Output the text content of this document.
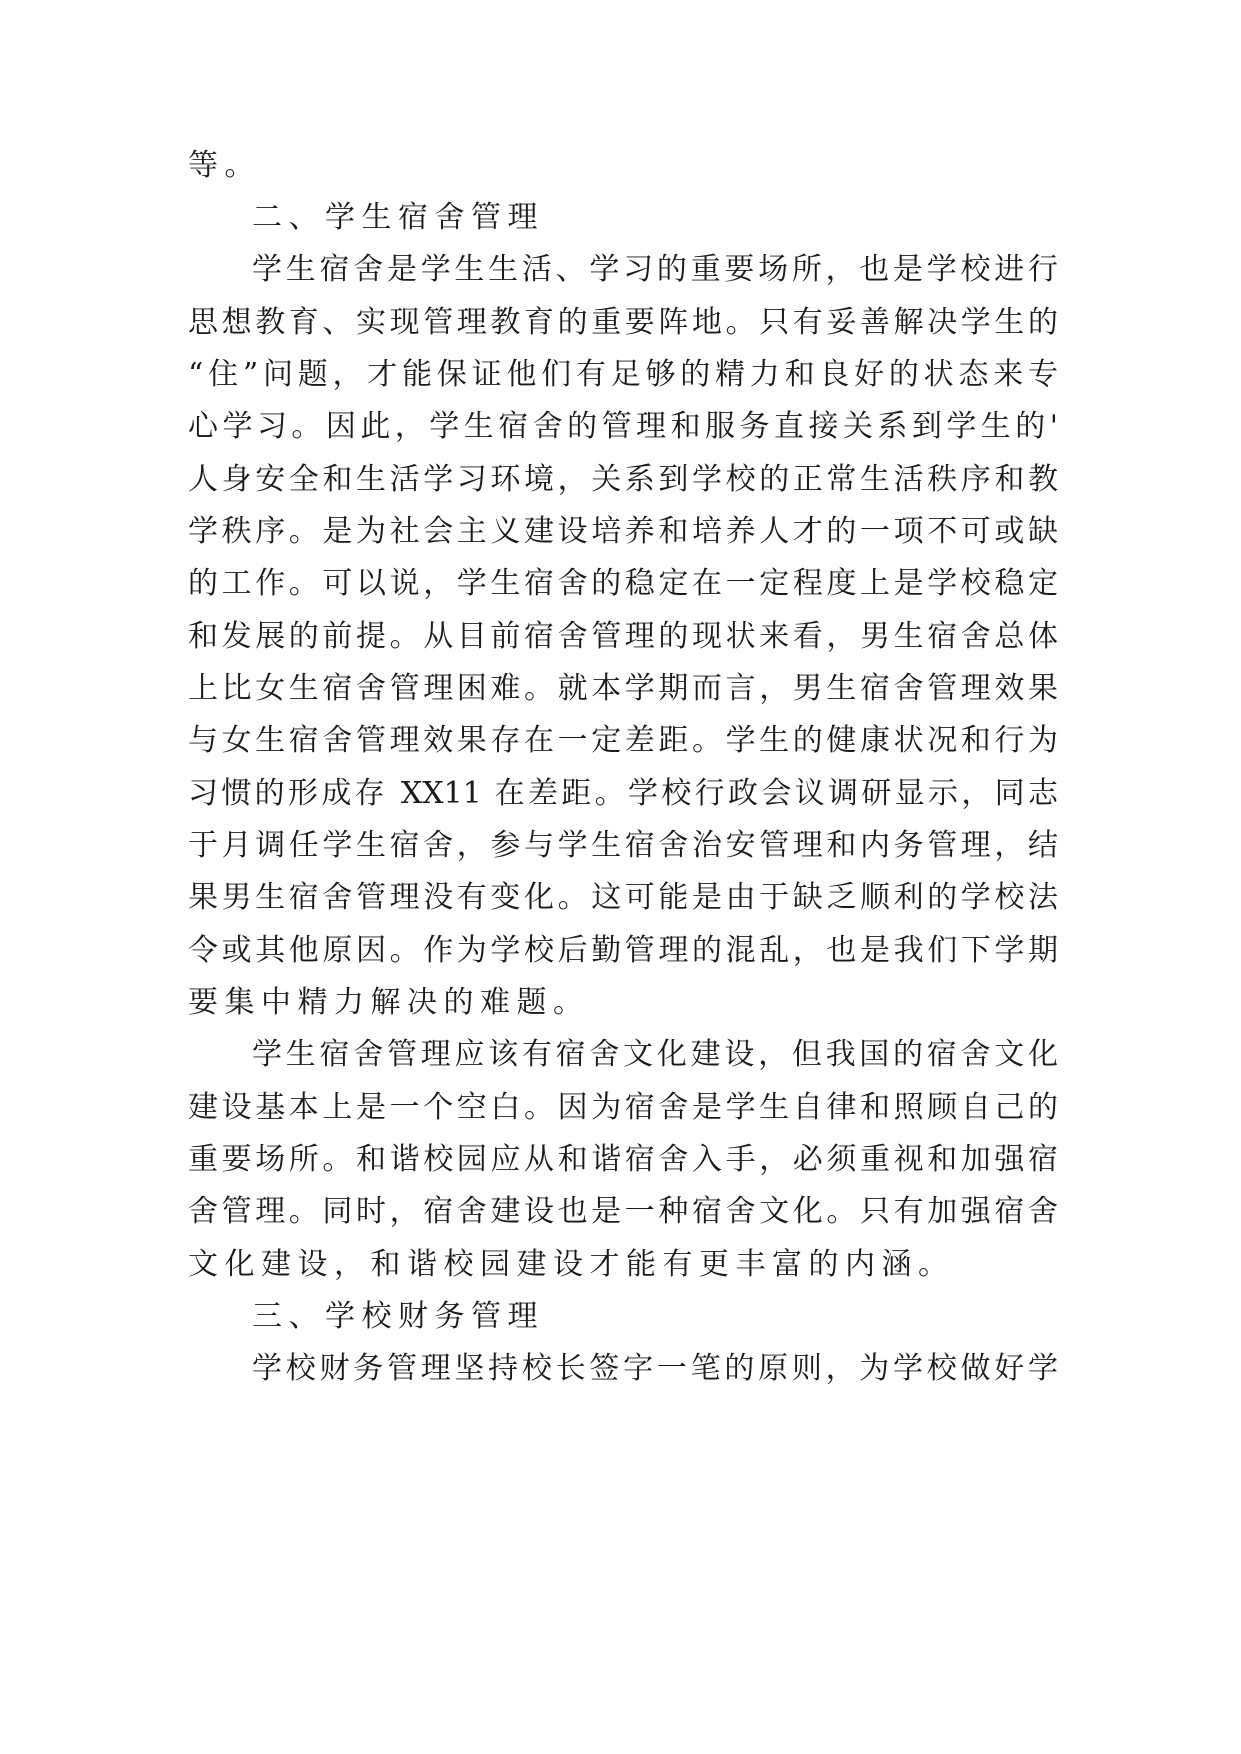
等。
二、学生宿舍管理
学生宿舍是学生生活、学习的重要场所，也是学校进行
思想教育、实现管理教育的重要阵地。只有妥善解决学生的
“住”问题，才能保证他们有足够的精力和良好的状态来专
心学习。因此，学生宿舍的管理和服务直接关系到学生的'
人身安全和生活学习环境，关系到学校的正常生活秩序和教
学秩序。是为社会主义建设培养和培养人才的一项不可或缺
的工作。可以说，学生宿舍的稳定在一定程度上是学校稳定
和发展的前提。从目前宿舍管理的现状来看，男生宿舍总体
上比女生宿舍管理困难。就本学期而言，男生宿舍管理效果
与女生宿舍管理效果存在一定差距。学生的健康状况和行为
习惯的形成存 XX11 在差距。学校行政会议调研显示，同志
于月调任学生宿舍，参与学生宿舍治安管理和内务管理，结
果男生宿舍管理没有变化。这可能是由于缺乏顺利的学校法
令或其他原因。作为学校后勤管理的混乱，也是我们下学期
要集中精力解决的难题。
学生宿舍管理应该有宿舍文化建设，但我国的宿舍文化
建设基本上是一个空白。因为宿舍是学生自律和照顾自己的
重要场所。和谐校园应从和谐宿舍入手，必须重视和加强宿
舍管理。同时，宿舍建设也是一种宿舍文化。只有加强宿舍
文化建设，和谐校园建设才能有更丰富的内涵。
三、学校财务管理
学校财务管理坚持校长签字一笔的原则，为学校做好学
